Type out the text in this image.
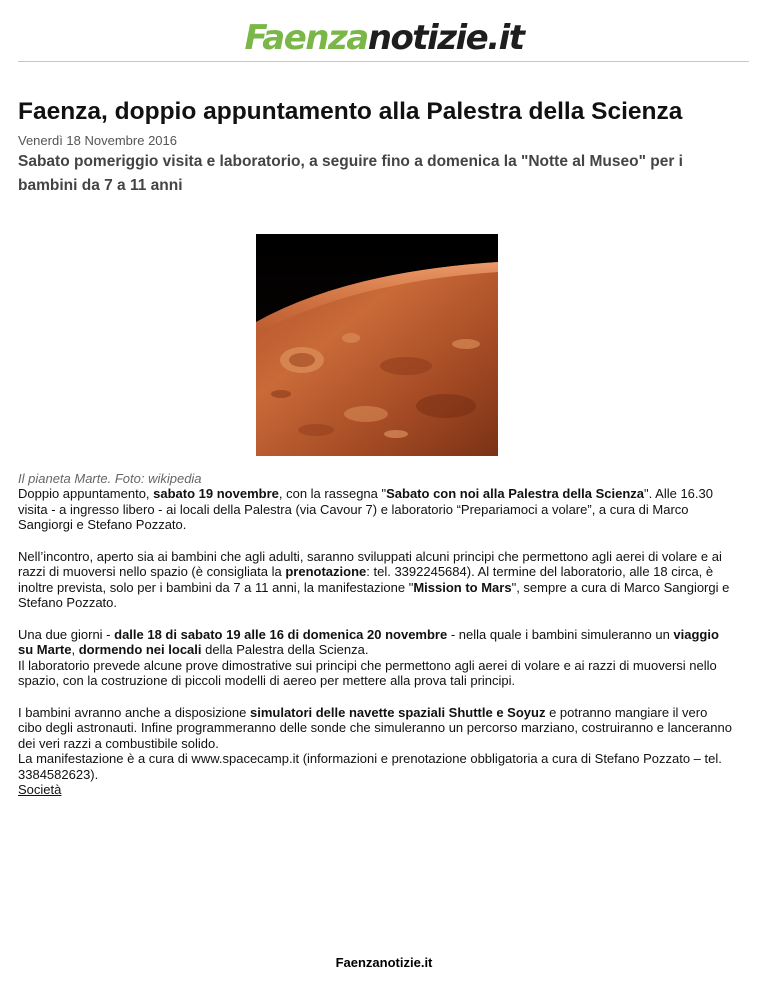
Faenzanotizie.it
Faenza, doppio appuntamento alla Palestra della Scienza
Venerdì 18 Novembre 2016
Sabato pomeriggio visita e laboratorio, a seguire fino a domenica la "Notte al Museo" per i bambini da 7 a 11 anni
Il pianeta Marte. Foto: wikipedia

Doppio appuntamento, sabato 19 novembre, con la rassegna "Sabato con noi alla Palestra della Scienza". Alle 16.30 visita - a ingresso libero - ai locali della Palestra (via Cavour 7) e laboratorio “Prepariamoci a volare”, a cura di Marco Sangiorgi e Stefano Pozzato.

Nell’incontro, aperto sia ai bambini che agli adulti, saranno sviluppati alcuni principi che permettono agli aerei di volare e ai razzi di muoversi nello spazio (è consigliata la prenotazione: tel. 3392245684). Al termine del laboratorio, alle 18 circa, è inoltre prevista, solo per i bambini da 7 a 11 anni, la manifestazione "Mission to Mars", sempre a cura di Marco Sangiorgi e Stefano Pozzato.

Una due giorni - dalle 18 di sabato 19 alle 16 di domenica 20 novembre - nella quale i bambini simuleranno un viaggio su Marte, dormendo nei locali della Palestra della Scienza.
Il laboratorio prevede alcune prove dimostrative sui principi che permettono agli aerei di volare e ai razzi di muoversi nello spazio, con la costruzione di piccoli modelli di aereo per mettere alla prova tali principi.

I bambini avranno anche a disposizione simulatori delle navette spaziali Shuttle e Soyuz e potranno mangiare il vero cibo degli astronauti. Infine programmeranno delle sonde che simuleranno un percorso marziano, costruiranno e lanceranno dei veri razzi a combustibile solido.
La manifestazione è a cura di www.spacecamp.it (informazioni e prenotazione obbligatoria a cura di Stefano Pozzato – tel. 3384582623).
Società

Faenzanotizie.it
